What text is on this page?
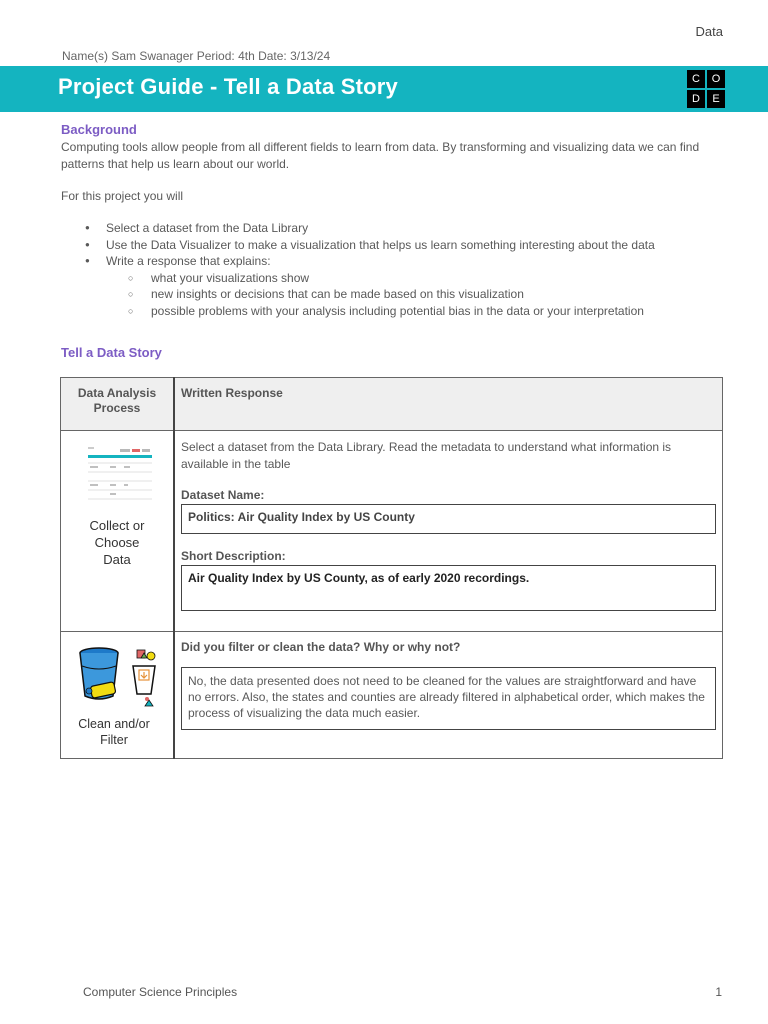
Data
Name(s) Sam Swanager Period: 4th Date: 3/13/24
Project Guide - Tell a Data Story	C	O
D	E
Background
Computing tools allow people from all different fields to learn from data. By transforming and visualizing data we can find patterns that help us learn about our world.
For this project you will
● Select a dataset from the Data Library
● Use the Data Visualizer to make a visualization that helps us learn something interesting about the data
● Write a response that explains:
○ what your visualizations show
○ new insights or decisions that can be made based on this visualization
○ possible problems with your analysis including potential bias in the data or your interpretation
Tell a Data Story
Data Analysis Process	Written Response

Collect or Choose Data	Select a dataset from the Data Library. Read the metadata to understand what information is available in the table
Dataset Name:
Politics: Air Quality Index by US County
Short Description:
Air Quality Index by US County, as of early 2020 recordings.

Clean and/or Filter	Did you filter or clean the data? Why or why not?
No, the data presented does not need to be cleaned for the values are straightforward and have no errors. Also, the states and counties are already filtered in alphabetical order, which makes the process of visualizing the data much easier.
Computer Science Principles	1
